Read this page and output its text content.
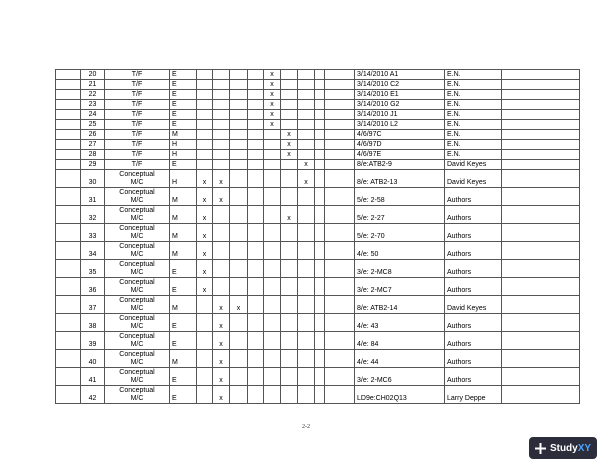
	20	T/F	E					x					3/14/2010 A1	E.N.	
	21	T/F	E					x					3/14/2010 C2	E.N.	
	22	T/F	E					x					3/14/2010 E1	E.N.	
	23	T/F	E					x					3/14/2010 G2	E.N.	
	24	T/F	E					x					3/14/2010 J1	E.N.	
	25	T/F	E					x					3/14/2010 L2	E.N.	
	26	T/F	M						x				4/6/97C	E.N.	
	27	T/F	H						x				4/6/97D	E.N.	
	28	T/F	H						x				4/6/97E	E.N.	
	29	T/F	E							x			8/e:ATB2-9	David Keyes	
	30	Conceptual
M/C	H	x	x					x			8/e: ATB2-13	David Keyes	
	31	Conceptual
M/C	M	x	x								5/e: 2-58	Authors	
	32	Conceptual
M/C	M	x					x				5/e: 2-27	Authors	
	33	Conceptual
M/C	M	x									5/e: 2-70	Authors	
	34	Conceptual
M/C	M	x									4/e: 50	Authors	
	35	Conceptual
M/C	E	x									3/e: 2-MC8	Authors	
	36	Conceptual
M/C	E	x									3/e: 2-MC7	Authors	
	37	Conceptual
M/C	M		x	x							8/e: ATB2-14	David Keyes	
	38	Conceptual
M/C	E		x								4/e: 43	Authors	
	39	Conceptual
M/C	E		x								4/e: 84	Authors	
	40	Conceptual
M/C	M		x								4/e: 44	Authors	
	41	Conceptual
M/C	E		x								3/e: 2-MC6	Authors	
	42	Conceptual
M/C	E		x								LD9e:CH02Q13	Larry Deppe	
2-2
StudyXY
